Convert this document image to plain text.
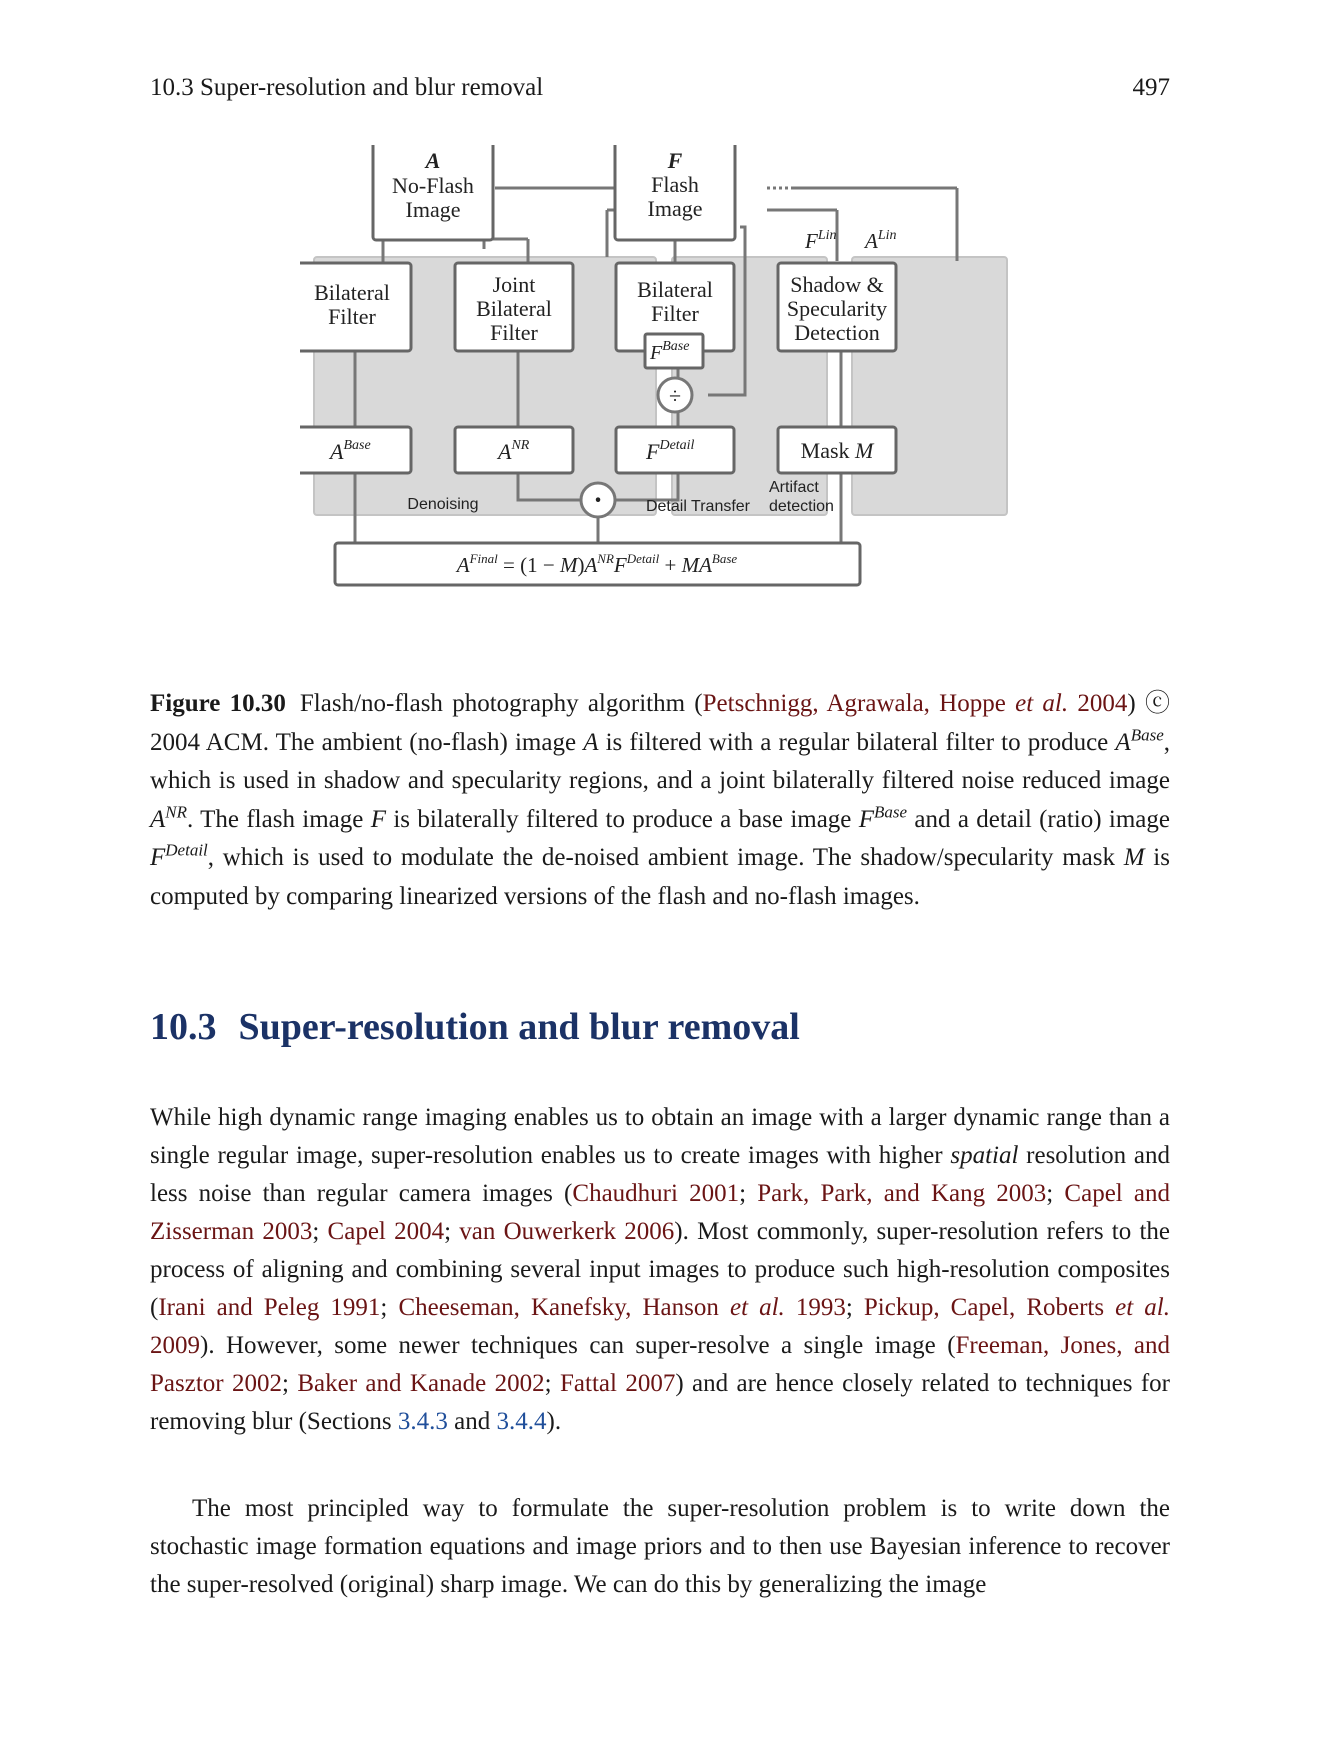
10.3 Super-resolution and blur removal	497
A
No-Flash
Image
F
Flash
Image
$F^{Lin}$ $A^{Lin}$
Bilateral
Filter
Joint
Bilateral
Filter
Bilateral
Filter
$F^{Base}$
÷
Shadow &
Specularity
Detection
$A^{Base}$	$A^{NR}$	$F^{Detail}$	Mask M
·
Denoising	Detail Transfer
Artifact
detection
$A^{Final} = (1 - M)A^{NR}F^{Detail} + MA^{Base}$
Figure 10.30 Flash/no-flash photography algorithm (Petschnigg, Agrawala, Hoppe et al. 2004) ⓒ 2004 ACM. The ambient (no-flash) image A is filtered with a regular bilateral filter to produce $A^{Base}$, which is used in shadow and specularity regions, and a joint bilaterally filtered noise reduced image $A^{NR}$. The flash image F is bilaterally filtered to produce a base image $F^{Base}$ and a detail (ratio) image $F^{Detail}$, which is used to modulate the de-noised ambient image. The shadow/specularity mask M is computed by comparing linearized versions of the flash and no-flash images.
10.3 Super-resolution and blur removal

While high dynamic range imaging enables us to obtain an image with a larger dynamic range than a single regular image, super-resolution enables us to create images with higher spatial resolution and less noise than regular camera images (Chaudhuri 2001; Park, Park, and Kang 2003; Capel and Zisserman 2003; Capel 2004; van Ouwerkerk 2006). Most commonly, super-resolution refers to the process of aligning and combining several input images to produce such high-resolution composites (Irani and Peleg 1991; Cheeseman, Kanefsky, Hanson et al. 1993; Pickup, Capel, Roberts et al. 2009). However, some newer techniques can super-resolve a single image (Freeman, Jones, and Pasztor 2002; Baker and Kanade 2002; Fattal 2007) and are hence closely related to techniques for removing blur (Sections 3.4.3 and 3.4.4).

The most principled way to formulate the super-resolution problem is to write down the stochastic image formation equations and image priors and to then use Bayesian inference to recover the super-resolved (original) sharp image. We can do this by generalizing the image
